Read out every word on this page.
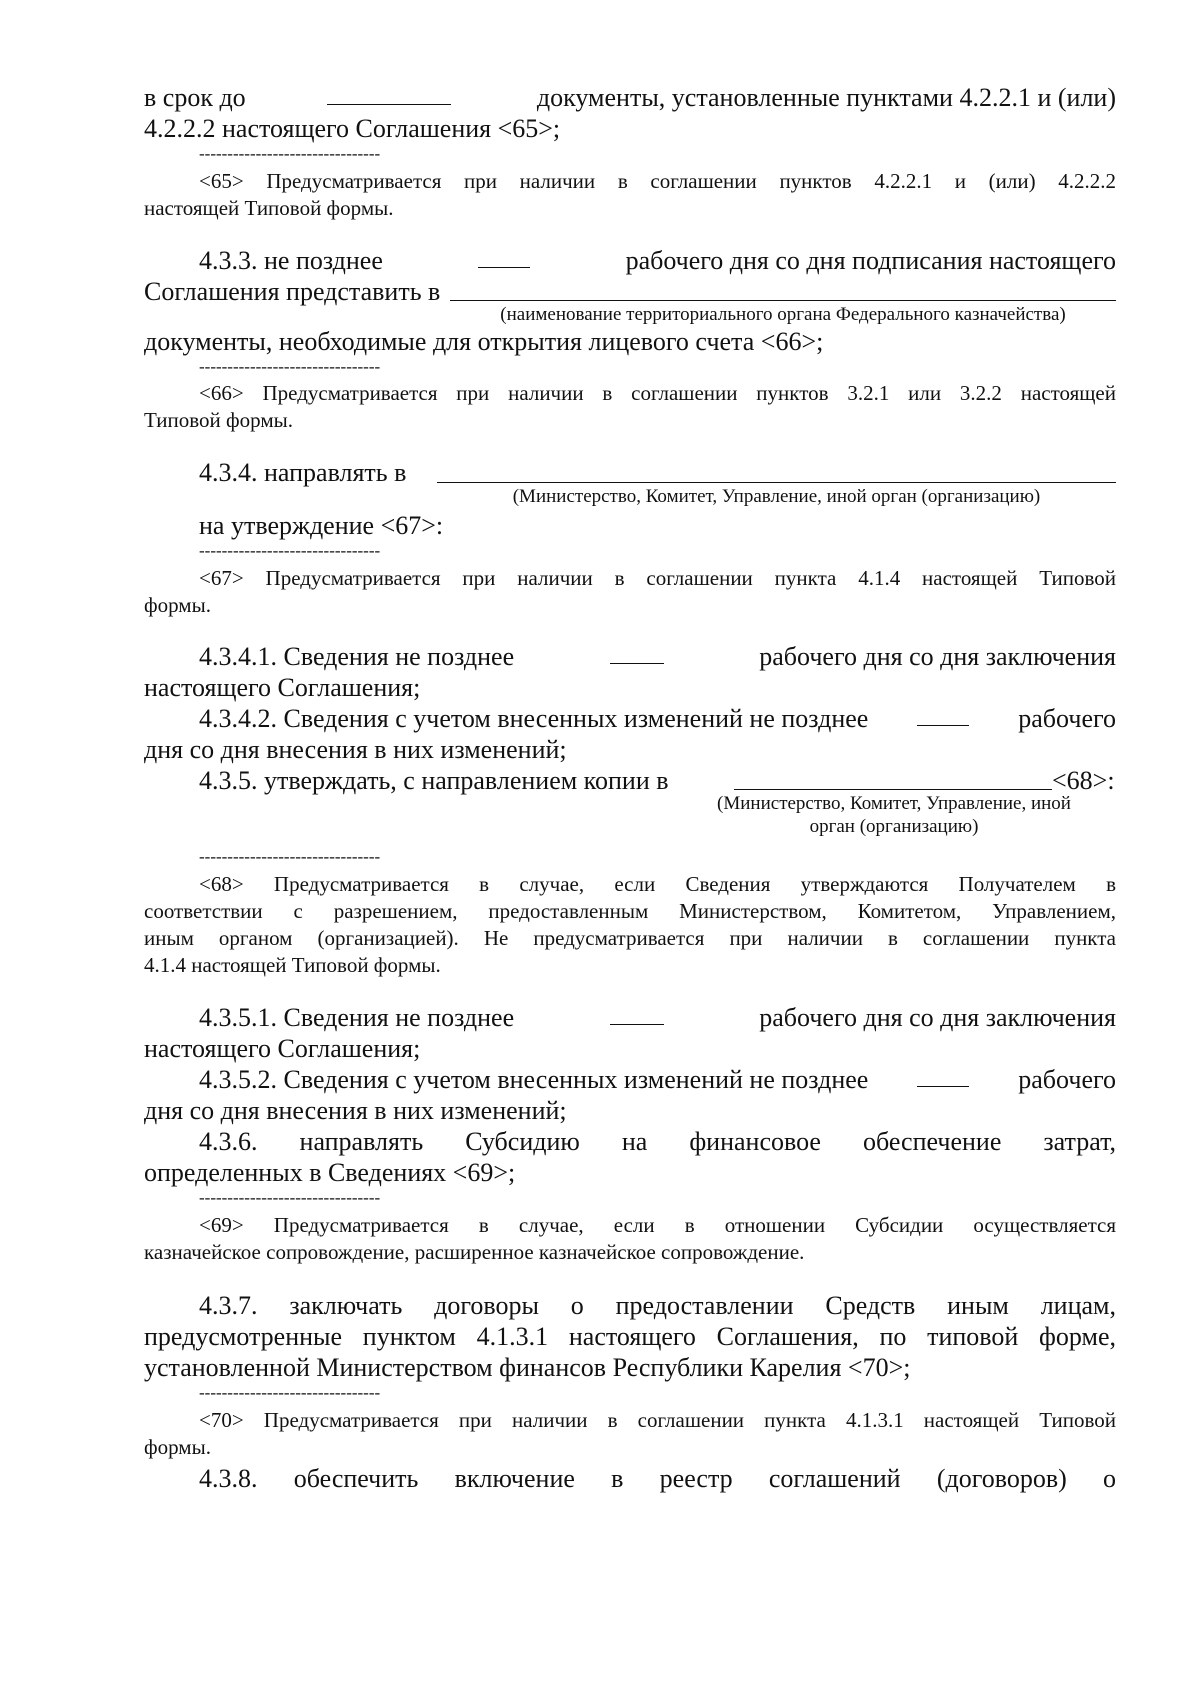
в срок до	документы, установленные пунктами 4.2.2.1 и (или)
4.2.2.2 настоящего Соглашения <65>;
--------------------------------
<65> Предусматривается при наличии в соглашении пунктов 4.2.2.1 и (или) 4.2.2.2
настоящей Типовой формы.
4.3.3. не позднее	рабочего дня со дня подписания настоящего
Соглашения представить в
(наименование территориального органа Федерального казначейства)
документы, необходимые для открытия лицевого счета <66>;
--------------------------------
<66> Предусматривается при наличии в соглашении пунктов 3.2.1 или 3.2.2 настоящей
Типовой формы.
4.3.4. направлять в
(Министерство, Комитет, Управление, иной орган (организацию)
на утверждение <67>:
--------------------------------
<67> Предусматривается при наличии в соглашении пункта 4.1.4 настоящей Типовой
формы.
4.3.4.1. Сведения не позднее	рабочего дня со дня заключения
настоящего Соглашения;
4.3.4.2. Сведения с учетом внесенных изменений не позднее	рабочего
дня со дня внесения в них изменений;
4.3.5. утверждать, с направлением копии в	<68>:
(Министерство, Комитет, Управление, иной
орган (организацию)
--------------------------------
<68> Предусматривается в случае, если Сведения утверждаются Получателем в
соответствии с разрешением, предоставленным Министерством, Комитетом, Управлением,
иным органом (организацией). Не предусматривается при наличии в соглашении пункта
4.1.4 настоящей Типовой формы.
4.3.5.1. Сведения не позднее	рабочего дня со дня заключения
настоящего Соглашения;
4.3.5.2. Сведения с учетом внесенных изменений не позднее	рабочего
дня со дня внесения в них изменений;
4.3.6. направлять Субсидию на финансовое обеспечение затрат,
определенных в Сведениях <69>;
--------------------------------
<69> Предусматривается в случае, если в отношении Субсидии осуществляется
казначейское сопровождение, расширенное казначейское сопровождение.
4.3.7. заключать договоры о предоставлении Средств иным лицам,
предусмотренные пунктом 4.1.3.1 настоящего Соглашения, по типовой форме,
установленной Министерством финансов Республики Карелия <70>;
--------------------------------
<70> Предусматривается при наличии в соглашении пункта 4.1.3.1 настоящей Типовой
формы.
4.3.8. обеспечить включение в реестр соглашений (договоров) о
